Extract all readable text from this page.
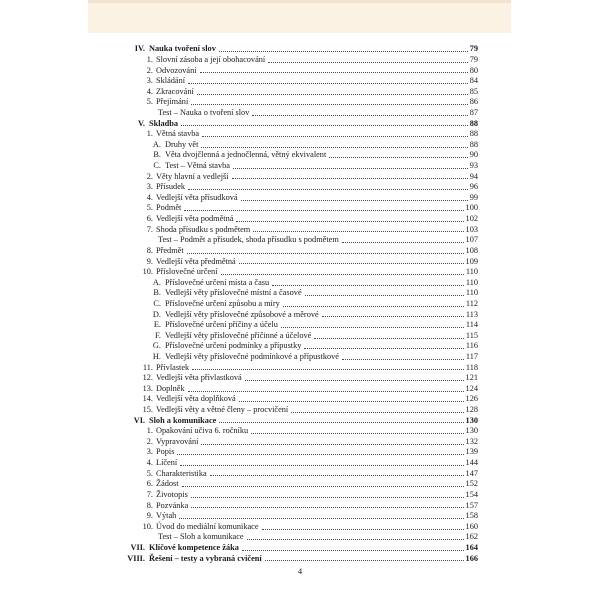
IV. Nauka tvoření slov	79
1. Slovní zásoba a její obohacování	79
2. Odvozování	80
3. Skládání	84
4. Zkracování	85
5. Přejímání	86
Test – Nauka o tvoření slov	87
V. Skladba	88
1. Větná stavba	88
A. Druhy vět	88
B. Věta dvojčlenná a jednočlenná, větný ekvivalent	90
C. Test – Větná stavba	93
2. Věty hlavní a vedlejší	94
3. Přísudek	96
4. Vedlejší věta přísudková	99
5. Podmět	100
6. Vedlejší věta podmětná	102
7. Shoda přísudku s podmětem	103
Test – Podmět a přísudek, shoda přísudku s podmětem	107
8. Předmět	108
9. Vedlejší věta předmětná	109
10. Příslovečné určení	110
A. Příslovečné určení místa a času	110
B. Vedlejší věty příslovečné místní a časové	110
C. Příslovečné určení způsobu a míry	112
D. Vedlejší věty příslovečné způsobové a měrové	113
E. Příslovečné určení příčiny a účelu	114
F. Vedlejší věty příslovečné příčinné a účelové	115
G. Příslovečné určení podmínky a přípustky	116
H. Vedlejší věty příslovečné podmínkové a přípustkové	117
11. Přívlastek	118
12. Vedlejší věta přívlastková	121
13. Doplněk	124
14. Vedlejší věta doplňková	126
15. Vedlejší věty a větné členy – procvičení	128
VI. Sloh a komunikace	130
1. Opakování učiva 6. ročníku	130
2. Vypravování	132
3. Popis	139
4. Líčení	144
5. Charakteristika	147
6. Žádost	152
7. Životopis	154
8. Pozvánka	157
9. Výtah	158
10. Úvod do mediální komunikace	160
Test – Sloh a komunikace	162
VII. Klíčové kompetence žáka	164
VIII. Řešení – testy a vybraná cvičení	166
4
